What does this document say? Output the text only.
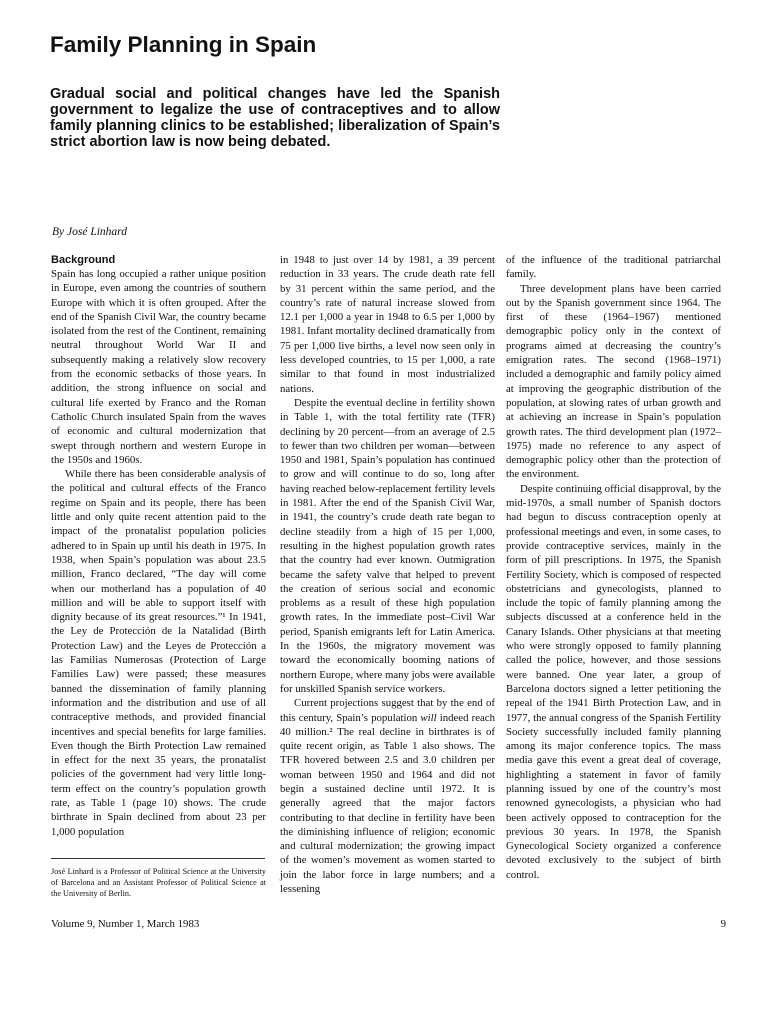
Family Planning in Spain

Gradual social and political changes have led the Spanish government to legalize the use of contraceptives and to allow family planning clinics to be established; liberalization of Spain’s strict abortion law is now being debated.

By José Linhard
Background

Spain has long occupied a rather unique position in Europe, even among the countries of southern Europe with which it is often grouped. After the end of the Spanish Civil War, the country became isolated from the rest of the Continent, remaining neutral throughout World War II and subsequently making a relatively slow recovery from the economic setbacks of those years. In addition, the strong influence on social and cultural life exerted by Franco and the Roman Catholic Church insulated Spain from the waves of economic and cultural modernization that swept through northern and western Europe in the 1950s and 1960s.

While there has been considerable analysis of the political and cultural effects of the Franco regime on Spain and its people, there has been little and only quite recent attention paid to the impact of the pronatalist population policies adhered to in Spain up until his death in 1975. In 1938, when Spain’s population was about 23.5 million, Franco declared, “The day will come when our motherland has a population of 40 million and will be able to support itself with dignity because of its great resources.”¹ In 1941, the Ley de Protección de la Natalidad (Birth Protection Law) and the Leyes de Protección a las Familias Numerosas (Protection of Large Families Law) were passed; these measures banned the dissemination of family planning information and the distribution and use of all contraceptive methods, and provided financial incentives and special benefits for large families. Even though the Birth Protection Law remained in effect for the next 35 years, the pronatalist policies of the government had very little long-term effect on the country’s population growth rate, as Table 1 (page 10) shows. The crude birthrate in Spain declined from about 23 per 1,000 population

in 1948 to just over 14 by 1981, a 39 percent reduction in 33 years. The crude death rate fell by 31 percent within the same period, and the country’s rate of natural increase slowed from 12.1 per 1,000 a year in 1948 to 6.5 per 1,000 by 1981. Infant mortality declined dramatically from 75 per 1,000 live births, a level now seen only in less developed countries, to 15 per 1,000, a rate similar to that found in most industrialized nations.

Despite the eventual decline in fertility shown in Table 1, with the total fertility rate (TFR) declining by 20 percent—from an average of 2.5 to fewer than two children per woman—between 1950 and 1981, Spain’s population has continued to grow and will continue to do so, long after having reached below-replacement fertility levels in 1981. After the end of the Spanish Civil War, in 1941, the country’s crude death rate began to decline steadily from a high of 15 per 1,000, resulting in the highest population growth rates that the country had ever known. Outmigration became the safety valve that helped to prevent the creation of serious social and economic problems as a result of these high population growth rates. In the immediate post–Civil War period, Spanish emigrants left for Latin America. In the 1960s, the migratory movement was toward the economically booming nations of northern Europe, where many jobs were available for unskilled Spanish service workers.

Current projections suggest that by the end of this century, Spain’s population will indeed reach 40 million.² The real decline in birthrates is of quite recent origin, as Table 1 also shows. The TFR hovered between 2.5 and 3.0 children per woman between 1950 and 1964 and did not begin a sustained decline until 1972. It is generally agreed that the major factors contributing to that decline in fertility have been the diminishing influence of religion; economic and cultural modernization; the growing impact of the women’s movement as women started to join the labor force in large numbers; and a lessening

of the influence of the traditional patriarchal family.

Three development plans have been carried out by the Spanish government since 1964. The first of these (1964–1967) mentioned demographic policy only in the context of programs aimed at decreasing the country’s emigration rates. The second (1968–1971) included a demographic and family policy aimed at improving the geographic distribution of the population, at slowing rates of urban growth and at achieving an increase in Spain’s population growth rates. The third development plan (1972–1975) made no reference to any aspect of demographic policy other than the protection of the environment.

Despite continuing official disapproval, by the mid-1970s, a small number of Spanish doctors had begun to discuss contraception openly at professional meetings and even, in some cases, to provide contraceptive services, mainly in the form of pill prescriptions. In 1975, the Spanish Fertility Society, which is composed of respected obstetricians and gynecologists, planned to include the topic of family planning among the subjects discussed at a conference held in the Canary Islands. Other physicians at that meeting who were strongly opposed to family planning called the police, however, and those sessions were banned. One year later, a group of Barcelona doctors signed a letter petitioning the repeal of the 1941 Birth Protection Law, and in 1977, the annual congress of the Spanish Fertility Society successfully included family planning among its major conference topics. The mass media gave this event a great deal of coverage, highlighting a statement in favor of family planning issued by one of the country’s most renowned gynecologists, a physician who had been actively opposed to contraception for the previous 30 years. In 1978, the Spanish Gynecological Society organized a conference devoted exclusively to the subject of birth control.

José Linhard is a Professor of Political Science at the University of Barcelona and an Assistant Professor of Political Science at the University of Berlin.

Volume 9, Number 1, March 1983	9
